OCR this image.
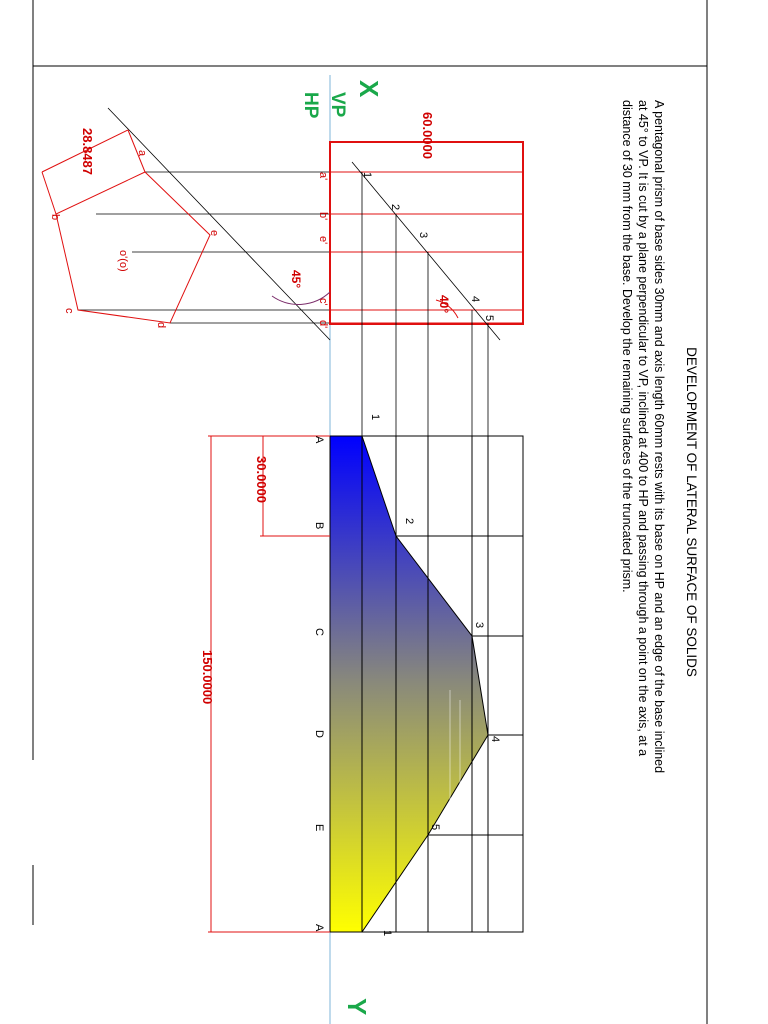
DEVELOPMENT OF LATERAL SURFACE OF SOLIDS
A pentagonal prism of base sides 30mm and axis length 60mm rests with its base on HP and an edge of the base inclined
at 45° to VP. It is cut by a plane perpendicular to VP, inclined at 400 to HP and passing through a point on the axis, at a
distance of 30 mm from the base. Develop the remaining surfaces of the truncated prism.
X
VP
HP
Y
60.0000
28.8487
30.0000
150.0000
45°
40°
a'
b'
e'
c'
d'
a
b
c
d
e
o'(o)
1
2
3
4
5
A
B
C
D
E
A
1
2
3
4
5
1
